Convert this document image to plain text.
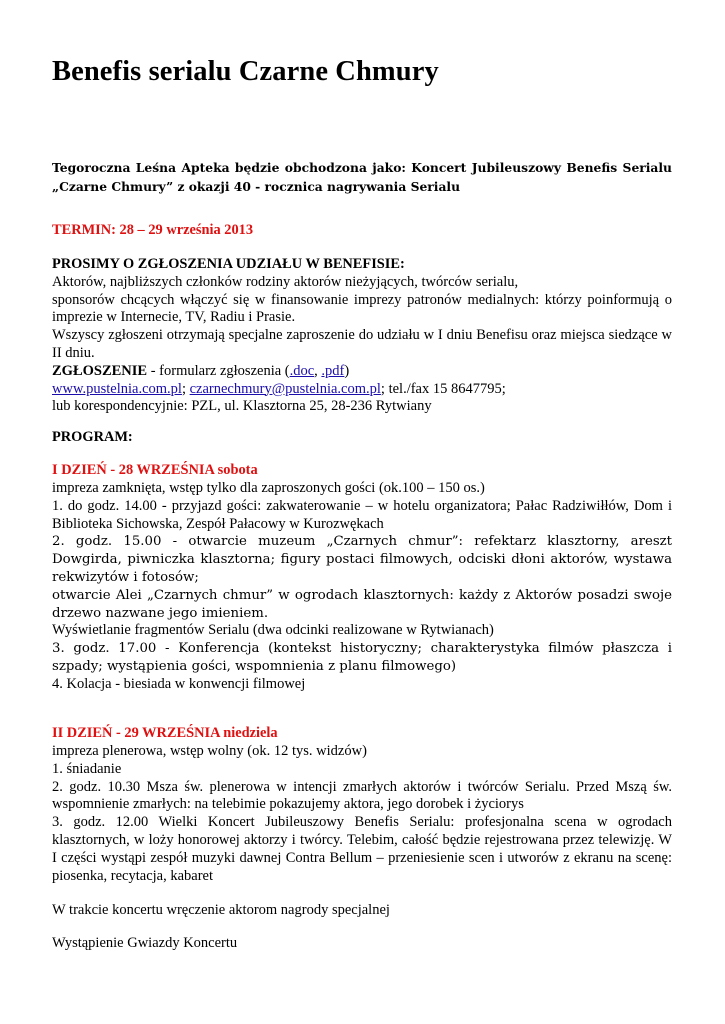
Benefis serialu Czarne Chmury
Tegoroczna Leśna Apteka będzie obchodzona jako: Koncert Jubileuszowy Benefis Serialu „Czarne Chmury” z okazji 40 - rocznica nagrywania Serialu
TERMIN: 28 – 29 września 2013
PROSIMY O ZGŁOSZENIA UDZIAŁU W BENEFISIE:
Aktorów, najbliższych członków rodziny aktorów nieżyjących, twórców serialu,
sponsorów chcących włączyć się w finansowanie imprezy patronów medialnych: którzy poinformują o imprezie w Internecie, TV, Radiu i Prasie.
Wszyscy zgłoszeni otrzymają specjalne zaproszenie do udziału w I dniu Benefisu oraz miejsca siedzące w II dniu.
ZGŁOSZENIE - formularz zgłoszenia (.doc, .pdf)
www.pustelnia.com.pl; czarnechmury@pustelnia.com.pl; tel./fax 15 8647795;
lub korespondencyjnie: PZL, ul. Klasztorna 25, 28-236 Rytwiany
PROGRAM:
I DZIEŃ - 28 WRZEŚNIA sobota
impreza zamknięta, wstęp tylko dla zaproszonych gości (ok.100 – 150 os.)
1. do godz. 14.00 - przyjazd gości: zakwaterowanie – w hotelu organizatora; Pałac Radziwiłłów, Dom i Biblioteka Sichowska, Zespół Pałacowy w Kurozwękach
2. godz. 15.00 - otwarcie muzeum „Czarnych chmur”: refektarz klasztorny, areszt Dowgirda, piwniczka klasztorna; figury postaci filmowych, odciski dłoni aktorów, wystawa rekwizytów i fotosów;
otwarcie Alei „Czarnych chmur” w ogrodach klasztornych: każdy z Aktorów posadzi swoje drzewo nazwane jego imieniem.
Wyświetlanie fragmentów Serialu (dwa odcinki realizowane w Rytwianach)
3. godz. 17.00 - Konferencja (kontekst historyczny; charakterystyka filmów płaszcza i szpady; wystąpienia gości, wspomnienia z planu filmowego)
4. Kolacja - biesiada w konwencji filmowej
II DZIEŃ - 29 WRZEŚNIA niedziela
impreza plenerowa, wstęp wolny (ok. 12 tys. widzów)
1. śniadanie
2. godz. 10.30 Msza św. plenerowa w intencji zmarłych aktorów i twórców Serialu. Przed Mszą św. wspomnienie zmarłych: na telebimie pokazujemy aktora, jego dorobek i życiorys
3. godz. 12.00 Wielki Koncert Jubileuszowy Benefis Serialu: profesjonalna scena w ogrodach klasztornych, w loży honorowej aktorzy i twórcy. Telebim, całość będzie rejestrowana przez telewizję. W I części wystąpi zespół muzyki dawnej Contra Bellum – przeniesienie scen i utworów z ekranu na scenę: piosenka, recytacja, kabaret
W trakcie koncertu wręczenie aktorom nagrody specjalnej
Wystąpienie Gwiazdy Koncertu
